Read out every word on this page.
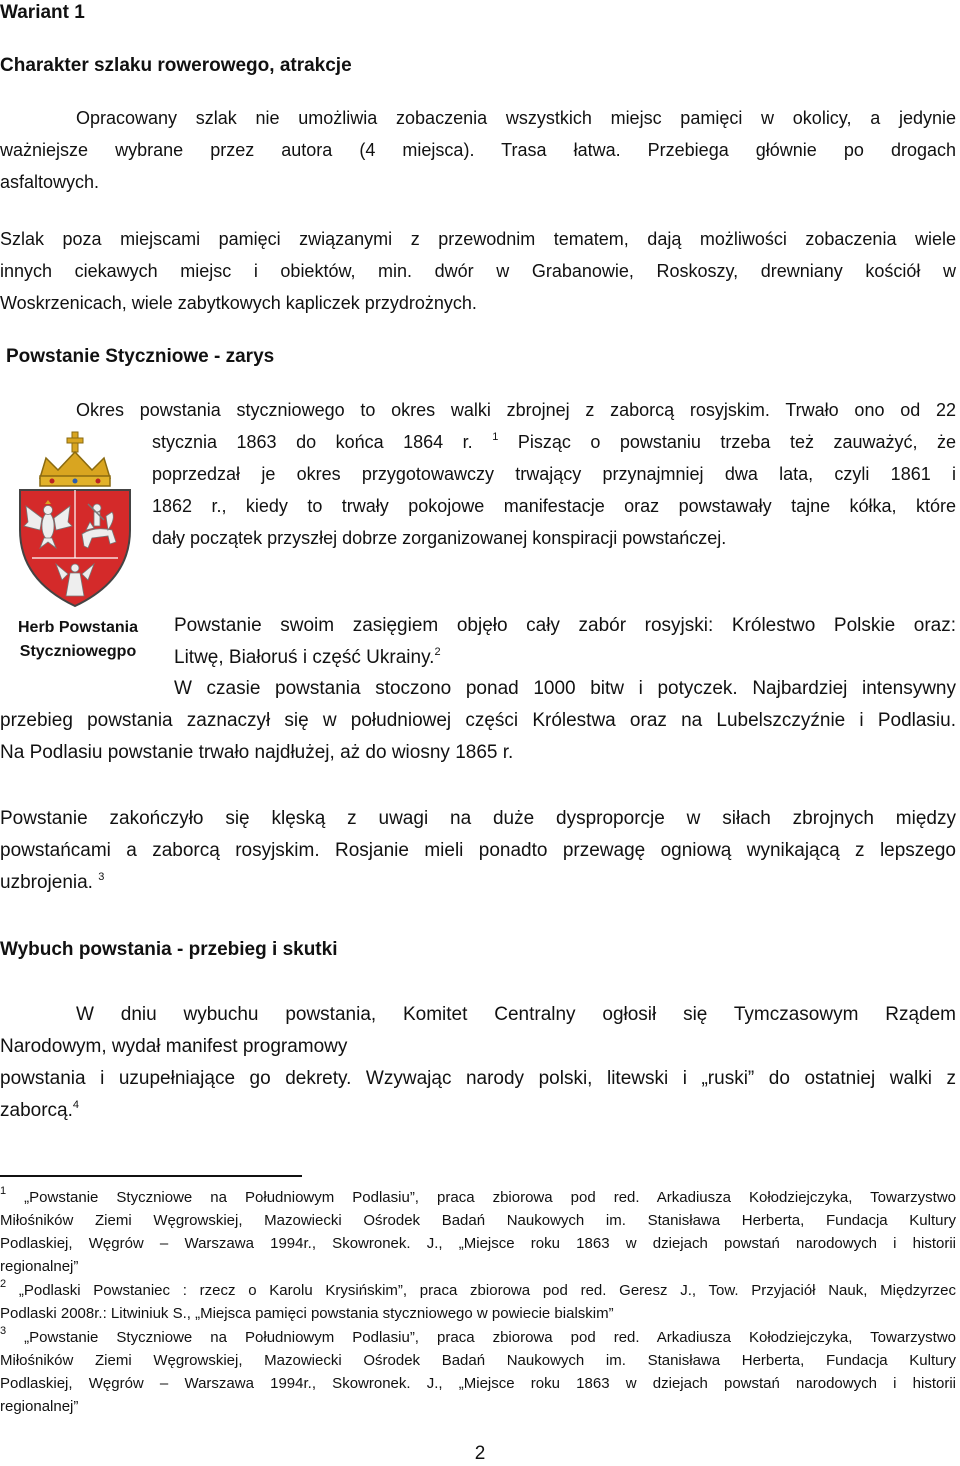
Wariant 1
Charakter szlaku rowerowego, atrakcje
Opracowany szlak nie umożliwia zobaczenia wszystkich miejsc pamięci w okolicy, a jedynie
ważniejsze wybrane przez autora (4 miejsca). Trasa łatwa. Przebiega głównie po drogach
asfaltowych.
Szlak poza miejscami pamięci związanymi z przewodnim tematem, dają możliwości zobaczenia wiele
innych ciekawych miejsc i obiektów, min. dwór w Grabanowie, Roskoszy, drewniany kościół w
Woskrzenicach, wiele zabytkowych kapliczek przydrożnych.
Powstanie Styczniowe - zarys
Okres powstania styczniowego to okres walki zbrojnej z zaborcą rosyjskim. Trwało ono od 22
stycznia 1863 do końca 1864 r. $^1$ Pisząc o powstaniu trzeba też zauważyć, że
poprzedzał je okres przygotowawczy trwający przynajmniej dwa lata, czyli 1861 i
1862 r., kiedy to trwały pokojowe manifestacje oraz powstawały tajne kółka, które
dały początek przyszłej dobrze zorganizowanej konspiracji powstańczej.
Herb Powstania
Styczniowegpo
Powstanie swoim zasięgiem objęło cały zabór rosyjski: Królestwo Polskie oraz:
Litwę, Białoruś i część Ukrainy.$^2$
W czasie powstania stoczono ponad 1000 bitw i potyczek. Najbardziej intensywny
przebieg powstania zaznaczył się w południowej części Królestwa oraz na Lubelszczyźnie i Podlasiu.
Na Podlasiu powstanie trwało najdłużej, aż do wiosny 1865 r.
Powstanie zakończyło się klęską z uwagi na duże dysproporcje w siłach zbrojnych między
powstańcami a zaborcą rosyjskim. Rosjanie mieli ponadto przewagę ogniową wynikającą z lepszego
uzbrojenia. $^3$
Wybuch powstania - przebieg i skutki
W dniu wybuchu powstania, Komitet Centralny ogłosił się Tymczasowym Rządem
Narodowym, wydał manifest programowy
powstania i uzupełniające go dekrety. Wzywając narody polski, litewski i „ruski” do ostatniej walki z
zaborcą.$^4$
$^1$ „Powstanie Styczniowe na Południowym Podlasiu”, praca zbiorowa pod red. Arkadiusza Kołodziejczyka, Towarzystwo
Miłośników Ziemi Węgrowskiej, Mazowiecki Ośrodek Badań Naukowych im. Stanisława Herberta, Fundacja Kultury
Podlaskiej, Węgrów – Warszawa 1994r., Skowronek. J., „Miejsce roku 1863 w dziejach powstań narodowych i historii
regionalnej”
$^2$ „Podlaski Powstaniec : rzecz o Karolu Krysińskim”, praca zbiorowa pod red. Geresz J., Tow. Przyjaciół Nauk, Międzyrzec
Podlaski 2008r.: Litwiniuk S., „Miejsca pamięci powstania styczniowego w powiecie bialskim”
$^3$ „Powstanie Styczniowe na Południowym Podlasiu”, praca zbiorowa pod red. Arkadiusza Kołodziejczyka, Towarzystwo
Miłośników Ziemi Węgrowskiej, Mazowiecki Ośrodek Badań Naukowych im. Stanisława Herberta, Fundacja Kultury
Podlaskiej, Węgrów – Warszawa 1994r., Skowronek. J., „Miejsce roku 1863 w dziejach powstań narodowych i historii
regionalnej”
2
